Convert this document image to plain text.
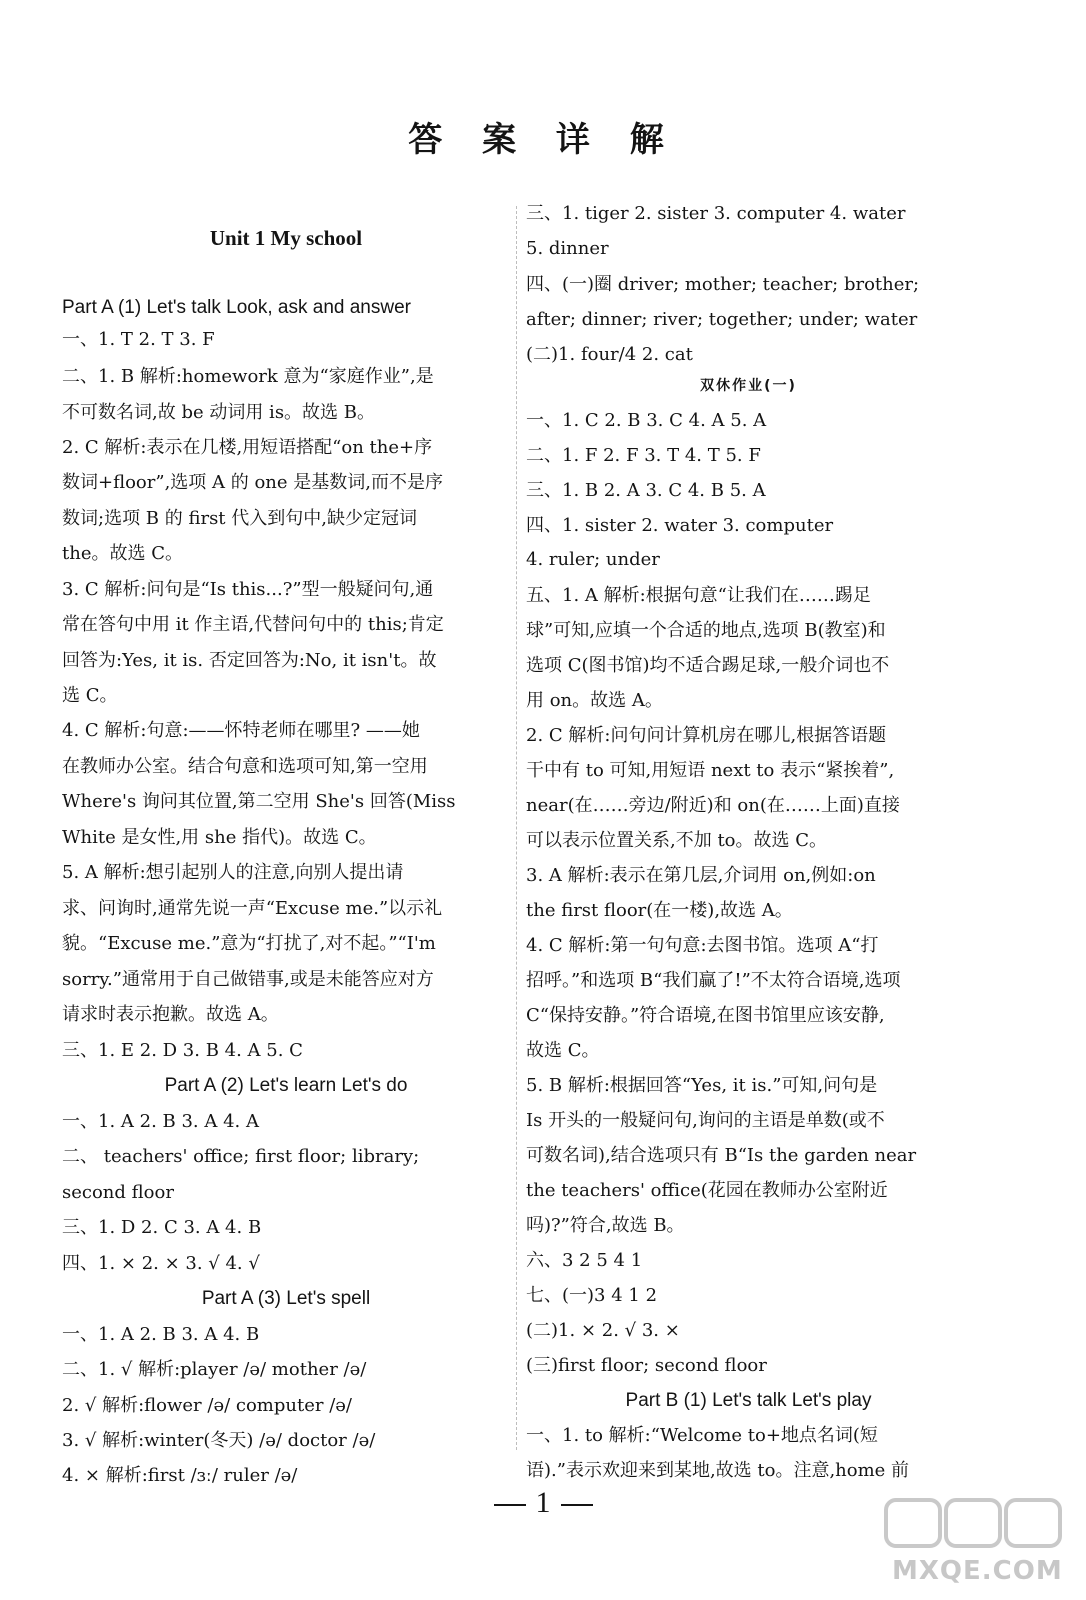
答 案 详 解
Unit 1 My school
Part A (1) Let's talk Look, ask and answer
一、1. T 2. T 3. F
二、1. B 解析:homework 意为“家庭作业”,是
不可数名词,故 be 动词用 is。故选 B。
2. C 解析:表示在几楼,用短语搭配“on the+序
数词+floor”,选项 A 的 one 是基数词,而不是序
数词;选项 B 的 first 代入到句中,缺少定冠词
the。故选 C。
3. C 解析:问句是“Is this...?”型一般疑问句,通
常在答句中用 it 作主语,代替问句中的 this;肯定
回答为:Yes, it is. 否定回答为:No, it isn't。故
选 C。
4. C 解析:句意:——怀特老师在哪里? ——她
在教师办公室。结合句意和选项可知,第一空用
Where's 询问其位置,第二空用 She's 回答(Miss
White 是女性,用 she 指代)。故选 C。
5. A 解析:想引起别人的注意,向别人提出请
求、问询时,通常先说一声“Excuse me.”以示礼
貌。“Excuse me.”意为“打扰了,对不起。”“I'm
sorry.”通常用于自己做错事,或是未能答应对方
请求时表示抱歉。故选 A。
三、1. E 2. D 3. B 4. A 5. C
Part A (2) Let's learn Let's do
一、1. A 2. B 3. A 4. A
二、 teachers' office; first floor; library;
second floor
三、1. D 2. C 3. A 4. B
四、1. × 2. × 3. √ 4. √
Part A (3) Let's spell
一、1. A 2. B 3. A 4. B
二、1. √ 解析:player /ə/ mother /ə/
2. √ 解析:flower /ə/ computer /ə/
3. √ 解析:winter(冬天) /ə/ doctor /ə/
4. × 解析:first /ɜː/ ruler /ə/
三、1. tiger 2. sister 3. computer 4. water
5. dinner
四、(一)圈 driver; mother; teacher; brother;
after; dinner; river; together; under; water
(二)1. four/4 2. cat
双休作业(一)
一、1. C 2. B 3. C 4. A 5. A
二、1. F 2. F 3. T 4. T 5. F
三、1. B 2. A 3. C 4. B 5. A
四、1. sister 2. water 3. computer
4. ruler; under
五、1. A 解析:根据句意“让我们在……踢足
球”可知,应填一个合适的地点,选项 B(教室)和
选项 C(图书馆)均不适合踢足球,一般介词也不
用 on。故选 A。
2. C 解析:问句问计算机房在哪儿,根据答语题
干中有 to 可知,用短语 next to 表示“紧挨着”,
near(在……旁边/附近)和 on(在……上面)直接
可以表示位置关系,不加 to。故选 C。
3. A 解析:表示在第几层,介词用 on,例如:on
the first floor(在一楼),故选 A。
4. C 解析:第一句句意:去图书馆。选项 A“打
招呼。”和选项 B“我们赢了!”不太符合语境,选项
C“保持安静。”符合语境,在图书馆里应该安静,
故选 C。
5. B 解析:根据回答“Yes, it is.”可知,问句是
Is 开头的一般疑问句,询问的主语是单数(或不
可数名词),结合选项只有 B“Is the garden near
the teachers' office(花园在教师办公室附近
吗)?”符合,故选 B。
六、3 2 5 4 1
七、(一)3 4 1 2
(二)1. × 2. √ 3. ×
(三)first floor; second floor
Part B (1) Let's talk Let's play
一、1. to 解析:“Welcome to+地点名词(短
语).”表示欢迎来到某地,故选 to。注意,home 前
1
MXQE.COM
